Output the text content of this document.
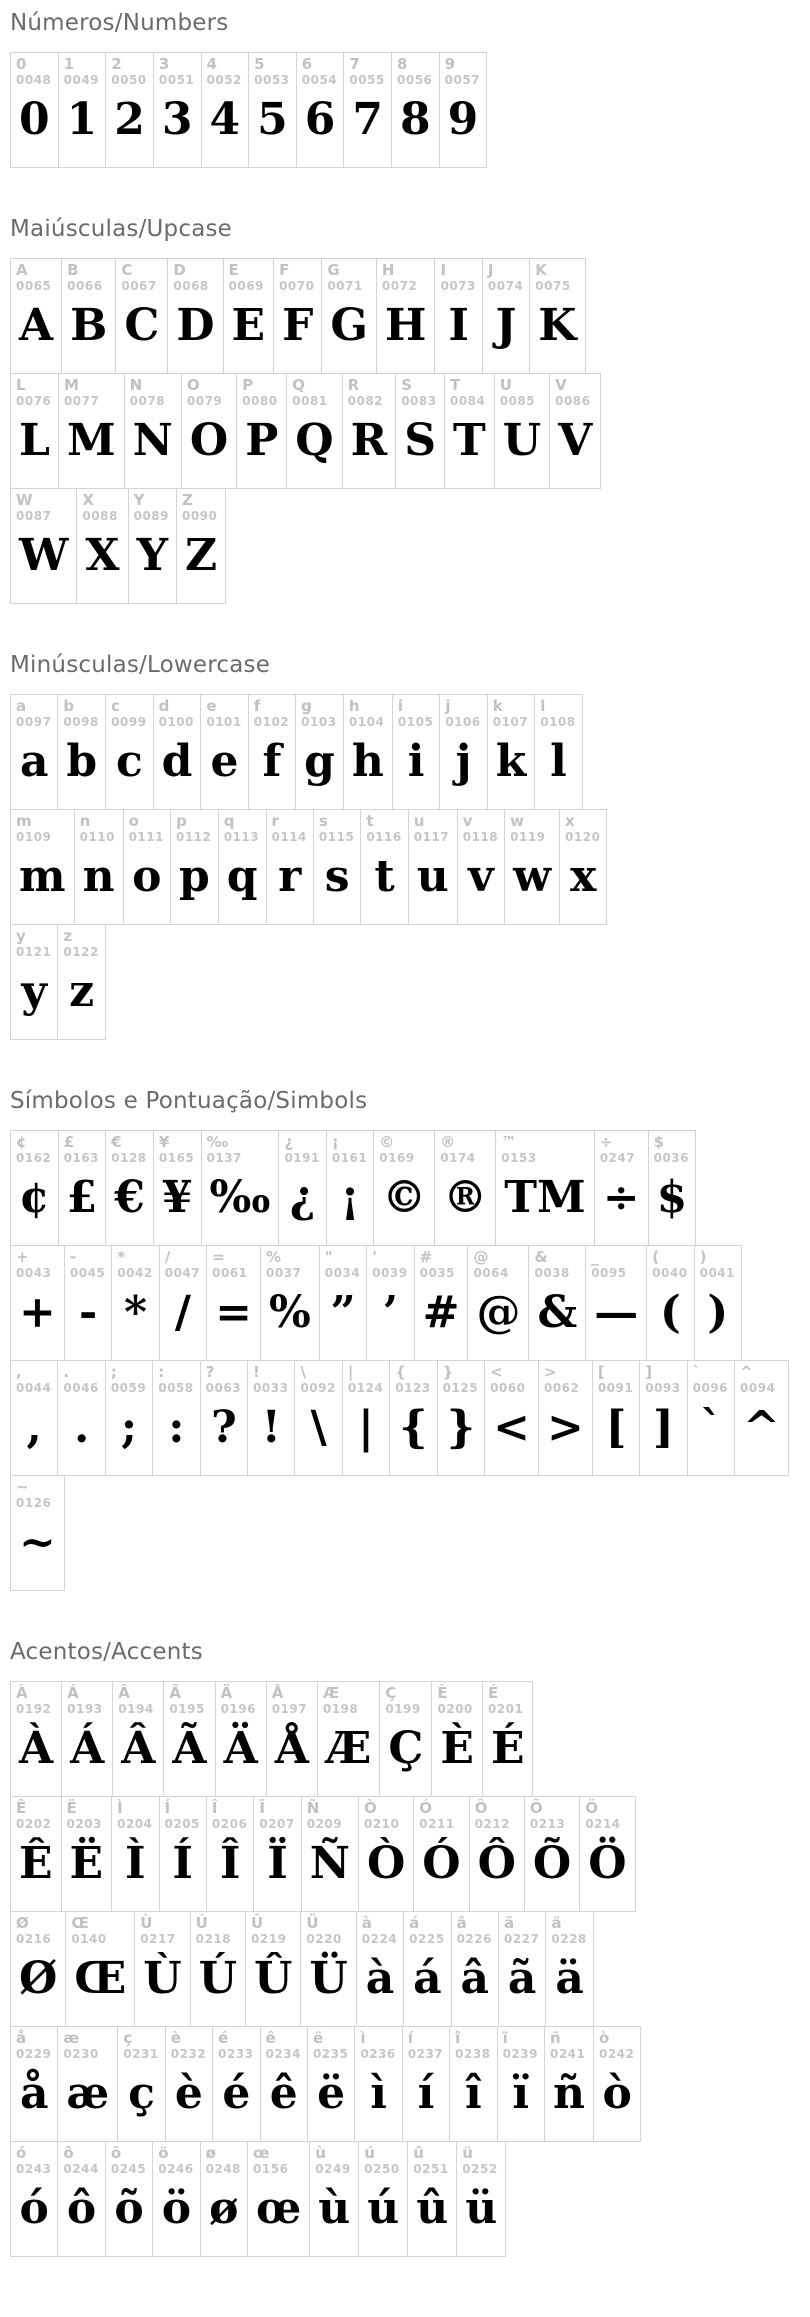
Números/Numbers
0
0048
0

1
0049
1

2
0050
2

3
0051
3

4
0052
4

5
0053
5

6
0054
6

7
0055
7

8
0056
8

9
0057
9
Maiúsculas/Upcase
A
0065
A

B
0066
B

C
0067
C

D
0068
D

E
0069
E

F
0070
F

G
0071
G

H
0072
H

I
0073
I

J
0074
J

K
0075
K
L
0076
L

M
0077
M

N
0078
N

O
0079
O

P
0080
P

Q
0081
Q

R
0082
R

S
0083
S

T
0084
T

U
0085
U

V
0086
V
W
0087
W

X
0088
X

Y
0089
Y

Z
0090
Z
Minúsculas/Lowercase
a
0097
a

b
0098
b

c
0099
c

d
0100
d

e
0101
e

f
0102
f

g
0103
g

h
0104
h

i
0105
i

j
0106
j

k
0107
k

l
0108
l
m
0109
m

n
0110
n

o
0111
o

p
0112
p

q
0113
q

r
0114
r

s
0115
s

t
0116
t

u
0117
u

v
0118
v

w
0119
w

x
0120
x
y
0121
y

z
0122
z
Símbolos e Pontuação/Simbols
¢
0162
¢

£
0163
£

€
0128
€

¥
0165
¥

‰
0137
‰

¿
0191
¿

¡
0161
¡

©
0169
©

®
0174
®

™
0153
TM

÷
0247
÷

$
0036
$
+
0043
+

-
0045
-

*
0042
*

/
0047
/

=
0061
=

%
0037
%

"
0034
”

'
0039
’

#
0035
#

@
0064
@

&
0038
&

_
0095
—

(
0040
(

)
0041
)
,
0044
,

.
0046
.

;
0059
;

:
0058
:

?
0063
?

!
0033
!

\
0092
\

|
0124
|

{
0123
{

}
0125
}

<
0060
<

>
0062
>

[
0091
[

]
0093
]

`
0096
`

^
0094
^
~
0126
~
Acentos/Accents
À
0192
À

Á
0193
Á

Â
0194
Â

Ã
0195
Ã

Ä
0196
Ä

Å
0197
Å

Æ
0198
Æ

Ç
0199
Ç

È
0200
È

É
0201
É
Ê
0202
Ê

Ë
0203
Ë

Ì
0204
Ì

Í
0205
Í

Î
0206
Î

Ï
0207
Ï

Ñ
0209
Ñ

Ò
0210
Ò

Ó
0211
Ó

Ô
0212
Ô

Õ
0213
Õ

Ö
0214
Ö
Ø
0216
Ø

Œ
0140
Œ

Ù
0217
Ù

Ú
0218
Ú

Û
0219
Û

Ü
0220
Ü

à
0224
à

á
0225
á

â
0226
â

ã
0227
ã

ä
0228
ä
å
0229
å

æ
0230
æ

ç
0231
ç

è
0232
è

é
0233
é

ê
0234
ê

ë
0235
ë

ì
0236
ì

í
0237
í

î
0238
î

ï
0239
ï

ñ
0241
ñ

ò
0242
ò
ó
0243
ó

ô
0244
ô

õ
0245
õ

ö
0246
ö

ø
0248
ø

œ
0156
œ

ù
0249
ù

ú
0250
ú

û
0251
û

ü
0252
ü
